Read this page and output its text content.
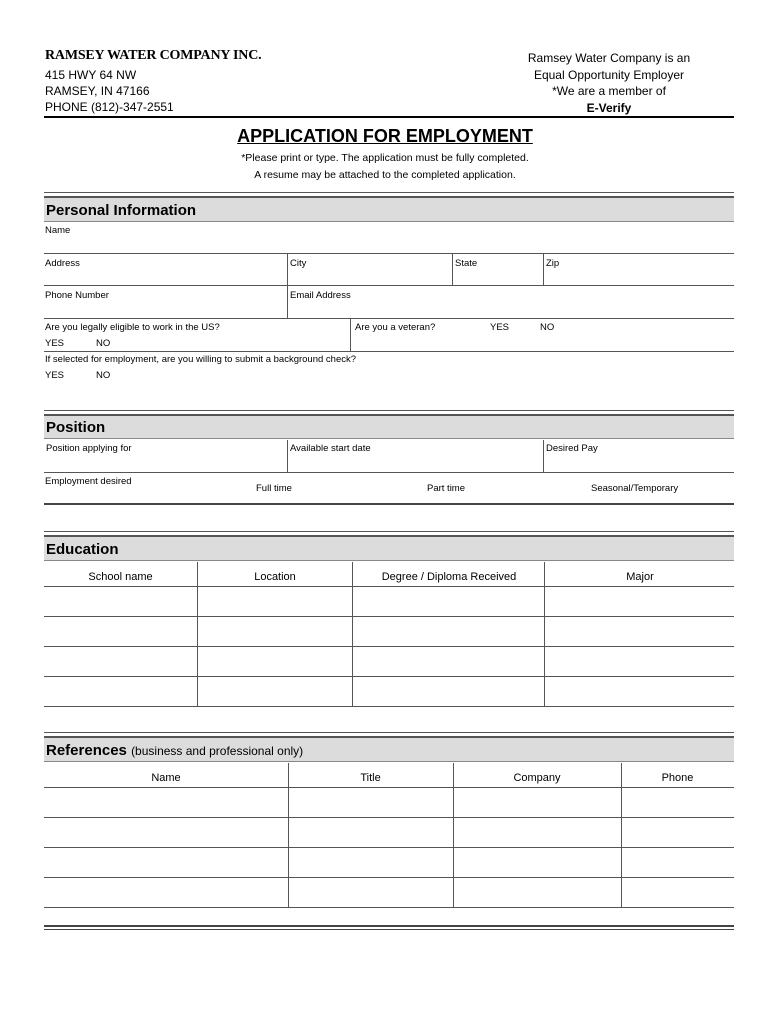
RAMSEY WATER COMPANY INC.
415 HWY 64 NW
RAMSEY, IN 47166
PHONE (812)-347-2551
Ramsey Water Company is an
Equal Opportunity Employer
*We are a member of
E-Verify
APPLICATION FOR EMPLOYMENT
*Please print or type. The application must be fully completed.
A resume may be attached to the completed application.
Personal Information
Name
Address	City	State	Zip
Phone Number	Email Address
Are you legally eligible to work in the US?
YES	NO
Are you a veteran?	YES	NO
If selected for employment, are you willing to submit a background check?
YES	NO
Position
Position applying for	Available start date	Desired Pay
Employment desired
Full time	Part time	Seasonal/Temporary
Education
School name	Location	Degree / Diploma Received	Major
References (business and professional only)
Name	Title	Company	Phone
